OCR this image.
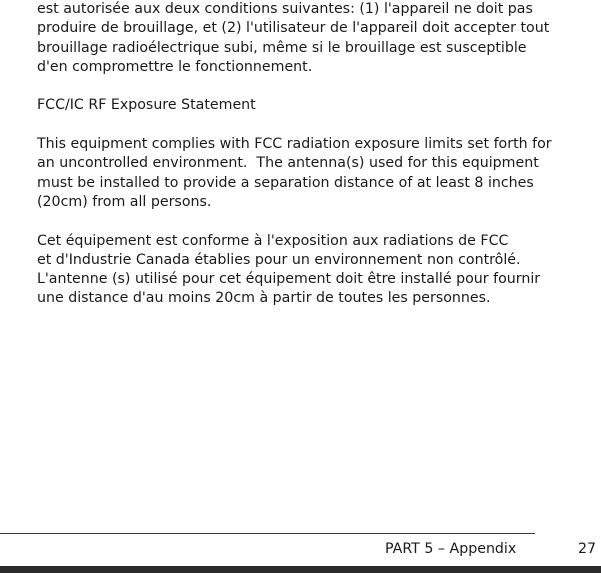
est autorisée aux deux conditions suivantes: (1) l'appareil ne doit pas

produire de brouillage, et (2) l'utilisateur de l'appareil doit accepter tout

brouillage radioélectrique subi, même si le brouillage est susceptible

d'en compromettre le fonctionnement.

FCC/IC RF Exposure Statement

This equipment complies with FCC radiation exposure limits set forth for

an uncontrolled environment.  The antenna(s) used for this equipment

must be installed to provide a separation distance of at least 8 inches

(20cm) from all persons.

Cet équipement est conforme à l'exposition aux radiations de FCC

et d'Industrie Canada établies pour un environnement non contrôlé.

L'antenne (s) utilisé pour cet équipement doit être installé pour fournir

une distance d'au moins 20cm à partir de toutes les personnes.

PART 5 – Appendix	27
